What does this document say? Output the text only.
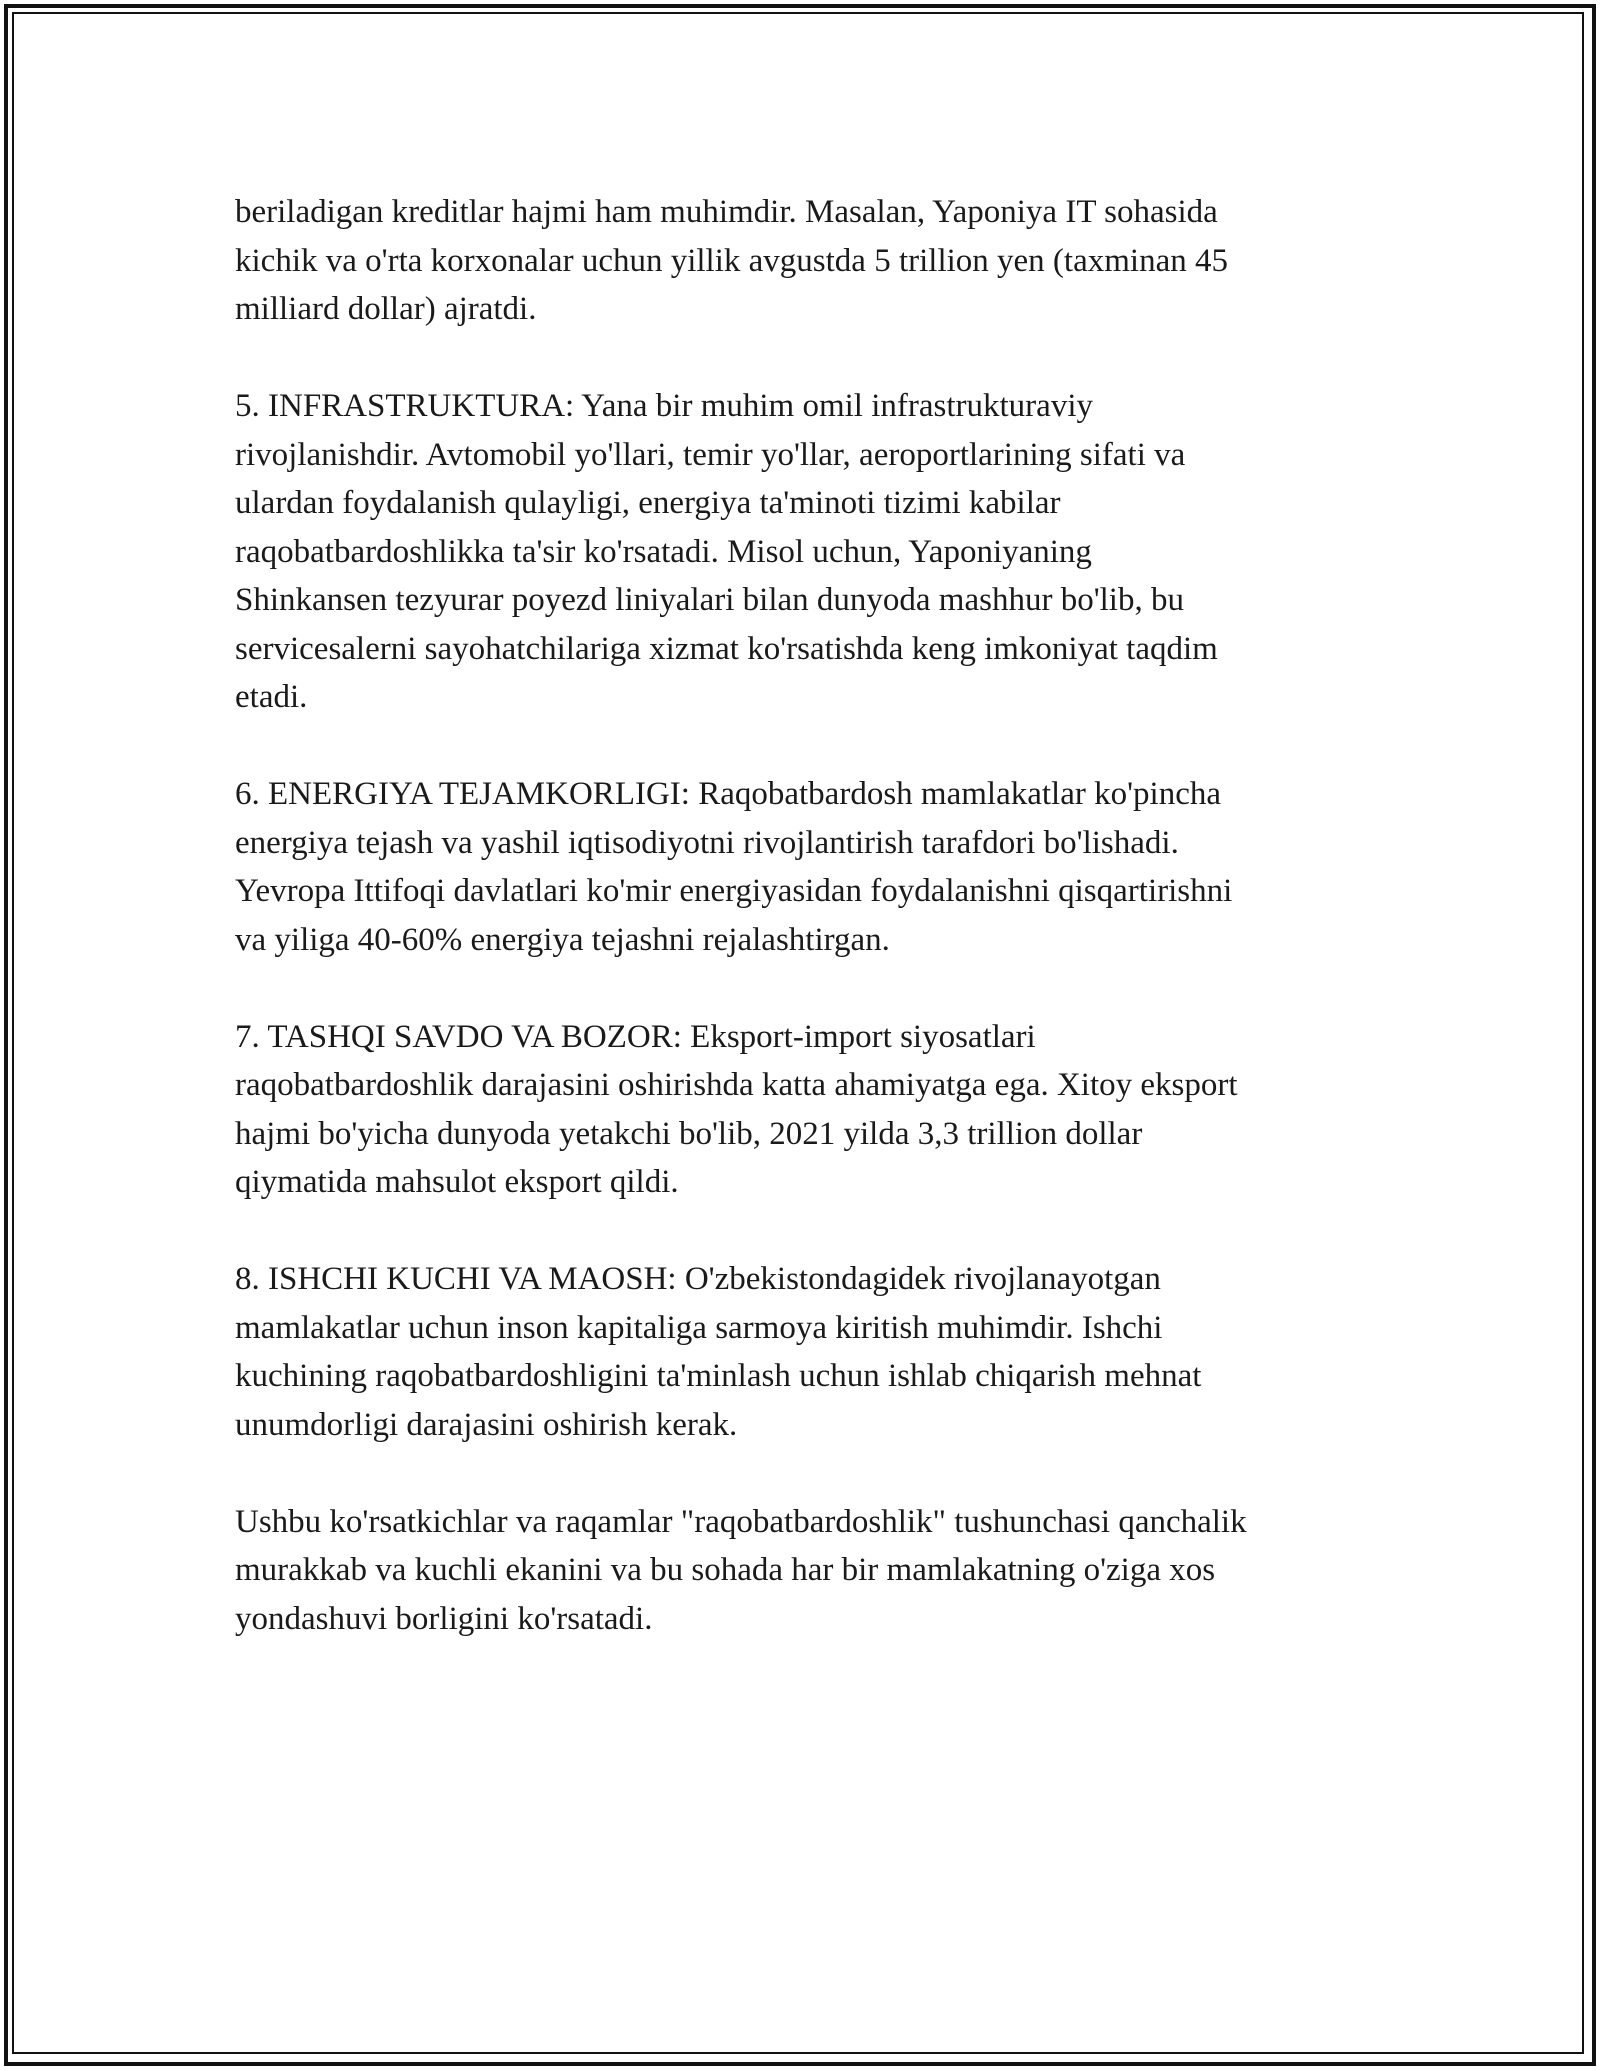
beriladigan kreditlar hajmi ham muhimdir. Masalan, Yaponiya IT sohasida
kichik va o'rta korxonalar uchun yillik avgustda 5 trillion yen (taxminan 45
milliard dollar) ajratdi.

5. INFRASTRUKTURA: Yana bir muhim omil infrastrukturaviy
rivojlanishdir. Avtomobil yo'llari, temir yo'llar, aeroportlarining sifati va
ulardan foydalanish qulayligi, energiya ta'minoti tizimi kabilar
raqobatbardoshlikka ta'sir ko'rsatadi. Misol uchun, Yaponiyaning
Shinkansen tezyurar poyezd liniyalari bilan dunyoda mashhur bo'lib, bu
servicesalerni sayohatchilariga xizmat ko'rsatishda keng imkoniyat taqdim
etadi.

6. ENERGIYA TEJAMKORLIGI: Raqobatbardosh mamlakatlar ko'pincha
energiya tejash va yashil iqtisodiyotni rivojlantirish tarafdori bo'lishadi.
Yevropa Ittifoqi davlatlari ko'mir energiyasidan foydalanishni qisqartirishni
va yiliga 40-60% energiya tejashni rejalashtirgan.

7. TASHQI SAVDO VA BOZOR: Eksport-import siyosatlari
raqobatbardoshlik darajasini oshirishda katta ahamiyatga ega. Xitoy eksport
hajmi bo'yicha dunyoda yetakchi bo'lib, 2021 yilda 3,3 trillion dollar
qiymatida mahsulot eksport qildi.

8. ISHCHI KUCHI VA MAOSH: O'zbekistondagidek rivojlanayotgan
mamlakatlar uchun inson kapitaliga sarmoya kiritish muhimdir. Ishchi
kuchining raqobatbardoshligini ta'minlash uchun ishlab chiqarish mehnat
unumdorligi darajasini oshirish kerak.

Ushbu ko'rsatkichlar va raqamlar "raqobatbardoshlik" tushunchasi qanchalik
murakkab va kuchli ekanini va bu sohada har bir mamlakatning o'ziga xos
yondashuvi borligini ko'rsatadi.
